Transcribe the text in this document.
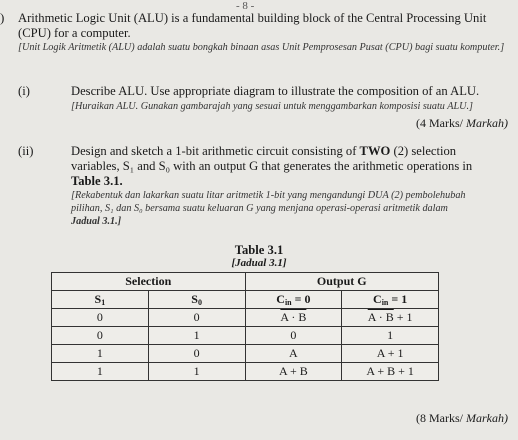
- 8 -
) Arithmetic Logic Unit (ALU) is a fundamental building block of the Central Processing Unit (CPU) for a computer.
[Unit Logik Aritmetik (ALU) adalah suatu bongkah binaan asas Unit Pemprosesan Pusat (CPU) bagi suatu komputer.]
(i)	Describe ALU. Use appropriate diagram to illustrate the composition of an ALU.
[Huraikan ALU. Gunakan gambarajah yang sesuai untuk menggambarkan komposisi suatu ALU.]
(4 Marks/ Markah)
(ii)	Design and sketch a 1-bit arithmetic circuit consisting of TWO (2) selection
variables, S₁ and S₀ with an output G that generates the arithmetic operations in
Table 3.1.
[Rekabentuk dan lakarkan suatu litar aritmetik 1-bit yang mengandungi DUA (2) pembolehubah
pilihan, S₁ dan S₀ bersama suatu keluaran G yang menjana operasi-operasi aritmetik dalam
Jadual 3.1.]
Table 3.1
[Jadual 3.1]
Selection		Output G	
$S_1$	$S_0$	$C_{in} = 0$	$C_{in} = 1$
0	0	A · B	A · B + 1
0	1	0	1
1	0	A	A + 1
1	1	A + B	A + B + 1
(8 Marks/ Markah)
